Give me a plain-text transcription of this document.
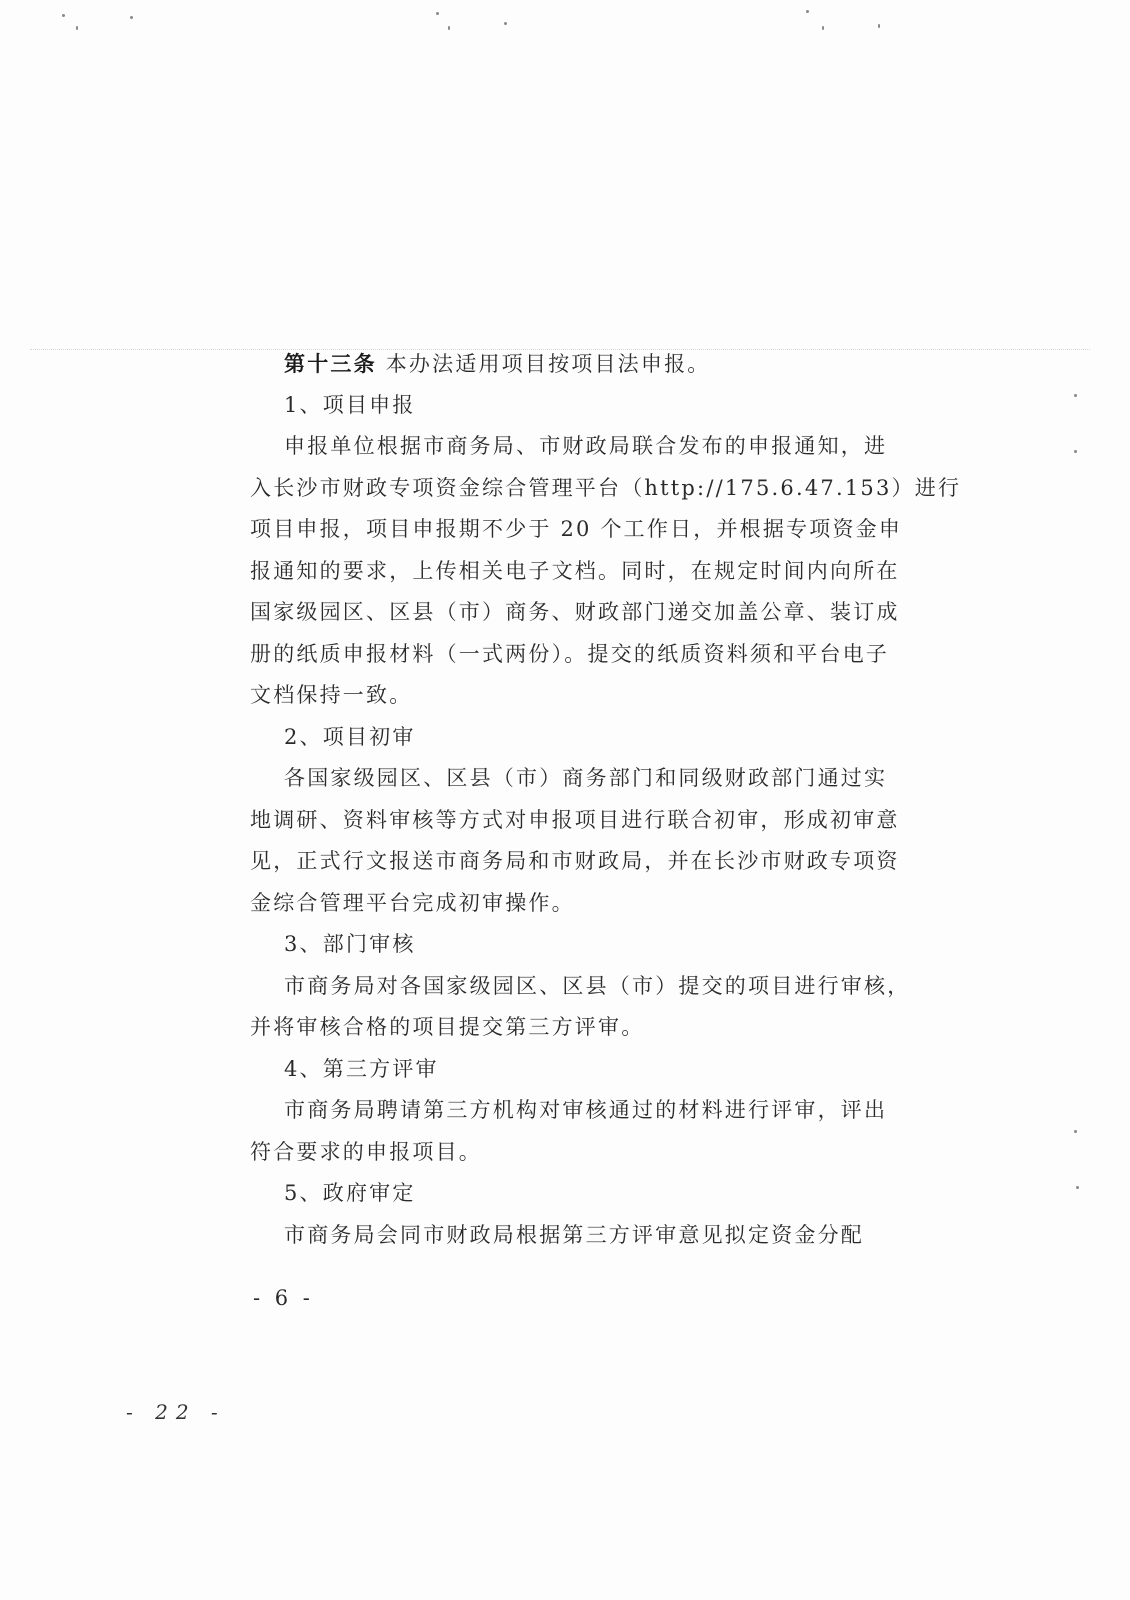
第十三条 本办法适用项目按项目法申报。
1、项目申报
申报单位根据市商务局、市财政局联合发布的申报通知，进
入长沙市财政专项资金综合管理平台（http://175.6.47.153）进行
项目申报，项目申报期不少于 20 个工作日，并根据专项资金申
报通知的要求，上传相关电子文档。同时，在规定时间内向所在
国家级园区、区县（市）商务、财政部门递交加盖公章、装订成
册的纸质申报材料（一式两份）。提交的纸质资料须和平台电子
文档保持一致。
2、项目初审
各国家级园区、区县（市）商务部门和同级财政部门通过实
地调研、资料审核等方式对申报项目进行联合初审，形成初审意
见，正式行文报送市商务局和市财政局，并在长沙市财政专项资
金综合管理平台完成初审操作。
3、部门审核
市商务局对各国家级园区、区县（市）提交的项目进行审核，
并将审核合格的项目提交第三方评审。
4、第三方评审
市商务局聘请第三方机构对审核通过的材料进行评审，评出
符合要求的申报项目。
5、政府审定
市商务局会同市财政局根据第三方评审意见拟定资金分配
- 6 -
- 22 -
